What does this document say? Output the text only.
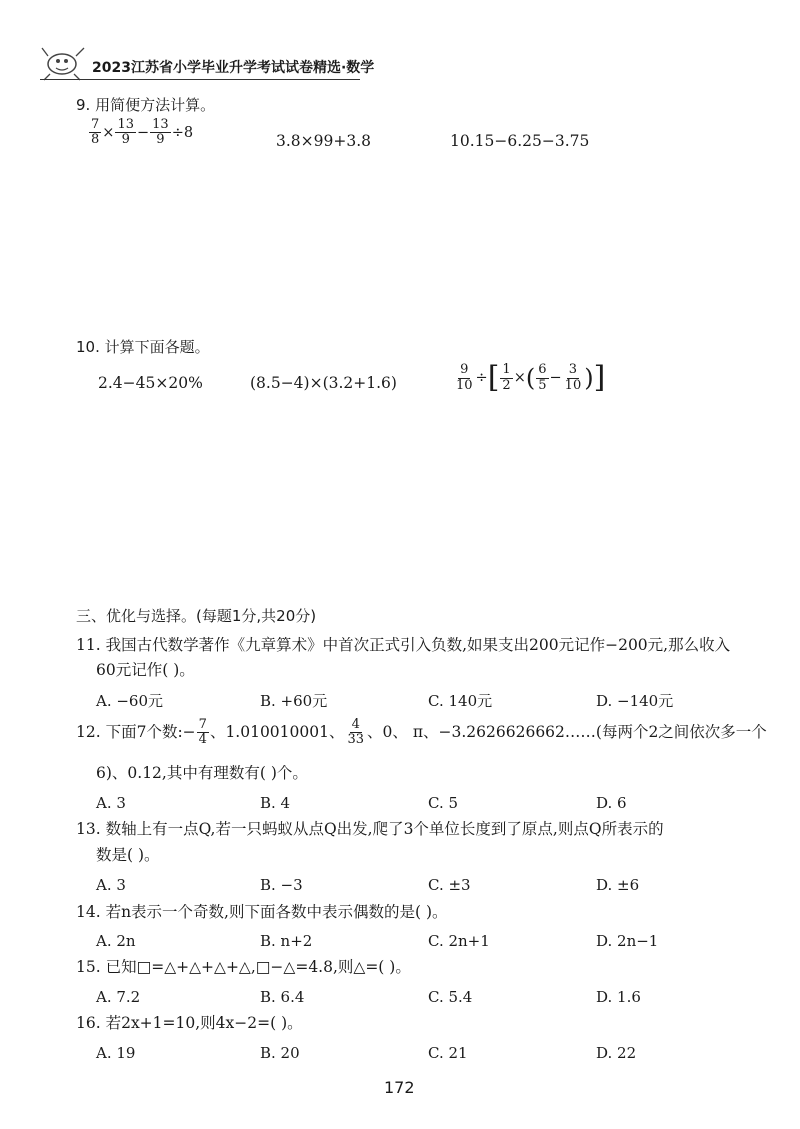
2023江苏省小学毕业升学考试试卷精选·数学
9. 用简便方法计算。
$\frac{7}{8} \times \frac{13}{9} - \frac{13}{9} \div 8$	3.8×99+3.8	10.15−6.25−3.75
10. 计算下面各题。
2.4−45×20%	(8.5−4)×(3.2+1.6)	$\frac{9}{10}$ ÷ [ $\frac{1}{2}$ × ( $\frac{6}{5} - \frac{3}{10}$ ) ]
三、优化与选择。(每题1分,共20分)
11. 我国古代数学著作《九章算术》中首次正式引入负数,如果支出200元记作−200元,那么收入
60元记作( )。
A. −60元	B. +60元	C. 140元	D. −140元
12. 下面7个数:− $\frac{7}{4}$ 、1.010010001、 $\frac{4}{33}$ 、0、 π、−3.2626626662……(每两个2之间依次多一个
6)、0.12,其中有理数有( )个。
A. 3	B. 4	C. 5	D. 6
13. 数轴上有一点Q,若一只蚂蚁从点Q出发,爬了3个单位长度到了原点,则点Q所表示的
数是( )。
A. 3	B. −3	C. ±3	D. ±6
14. 若n表示一个奇数,则下面各数中表示偶数的是( )。
A. 2n	B. n+2	C. 2n+1	D. 2n−1
15. 已知□=△+△+△+△,□−△=4.8,则△=( )。
A. 7.2	B. 6.4	C. 5.4	D. 1.6
16. 若2x+1=10,则4x−2=( )。
A. 19	B. 20	C. 21	D. 22
172
